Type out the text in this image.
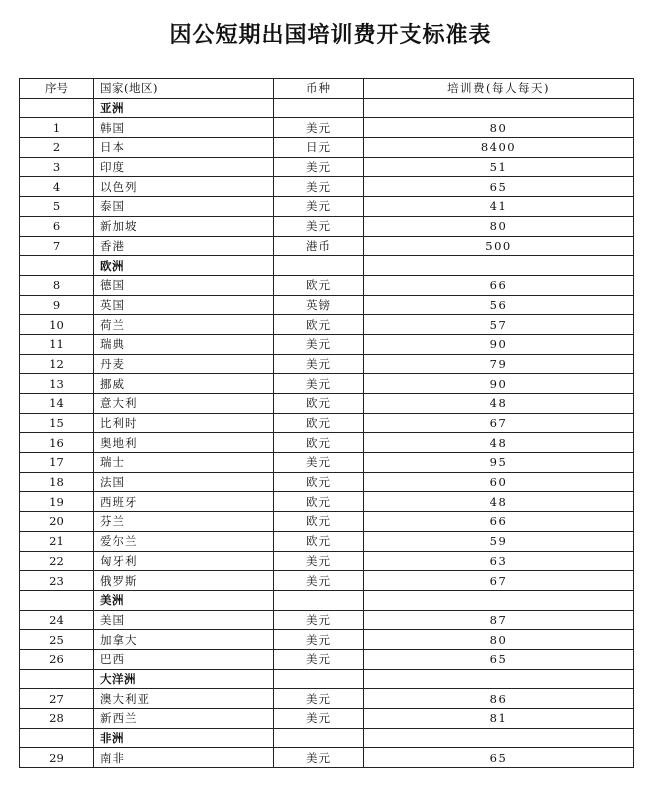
因公短期出国培训费开支标准表
序号	国家(地区)	币种	培训费(每人每天)
	亚洲		
1	韩国	美元	80
2	日本	日元	8400
3	印度	美元	51
4	以色列	美元	65
5	泰国	美元	41
6	新加坡	美元	80
7	香港	港币	500
	欧洲		
8	德国	欧元	66
9	英国	英镑	56
10	荷兰	欧元	57
11	瑞典	美元	90
12	丹麦	美元	79
13	挪威	美元	90
14	意大利	欧元	48
15	比利时	欧元	67
16	奥地利	欧元	48
17	瑞士	美元	95
18	法国	欧元	60
19	西班牙	欧元	48
20	芬兰	欧元	66
21	爱尔兰	欧元	59
22	匈牙利	美元	63
23	俄罗斯	美元	67
	美洲		
24	美国	美元	87
25	加拿大	美元	80
26	巴西	美元	65
	大洋洲		
27	澳大利亚	美元	86
28	新西兰	美元	81
	非洲		
29	南非	美元	65
